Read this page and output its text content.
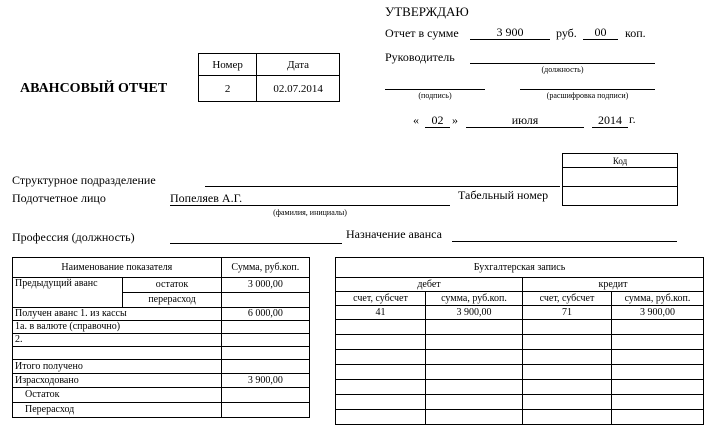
УТВЕРЖДАЮ
Отчет в сумме	3 900	руб.	00	коп.
Руководитель
(должность)
(подпись)	(расшифровка подписи)
«	02 »	июля	2014 г.
АВАНСОВЫЙ ОТЧЕТ
Номер	Дата
2	02.07.2014
Код

Структурное подразделение
Подотчетное лицо	Попеляев А.Г.
(фамилия, инициалы)
Табельный номер
Профессия (должность)	Назначение аванса
Наименование показателя		Сумма, руб.коп.
Предыдущий аванс	остаток	3 000,00
	перерасход	
Получен аванс 1. из кассы		6 000,00
1а. в валюте (справочно)		
2.		

Итого получено		
Израсходовано		3 900,00
Остаток		
Перерасход		
Бухгалтерская запись			
дебет		кредит	
счет, субсчет	сумма, руб.коп.	счет, субсчет	сумма, руб.коп.
41	3 900,00	71	3 900,00
